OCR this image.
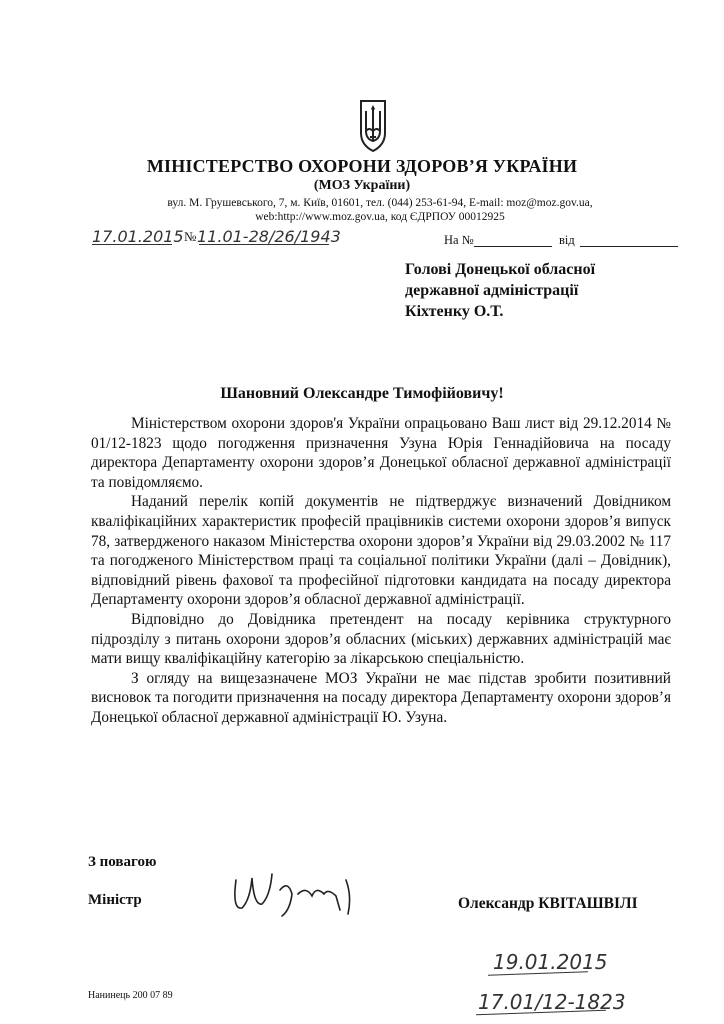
МІНІСТЕРСТВО ОХОРОНИ ЗДОРОВ’Я УКРАЇНИ
(МОЗ України)
вул. М. Грушевського, 7, м. Київ, 01601, тел. (044) 253-61-94, E-mail: moz@moz.gov.ua,
web:http://www.moz.gov.ua, код ЄДРПОУ 00012925
17.01.2015 № 11.01-28/26/1943	На №	від
Голові Донецької обласної
державної адміністрації
Кіхтенку О.Т.
Шановний Олександре Тимофійовичу!

Міністерством охорони здоров'я України опрацьовано Ваш лист від 29.12.2014 № 01/12-1823 щодо погодження призначення Узуна Юрія Геннадійовича на посаду директора Департаменту охорони здоров’я Донецької обласної державної адміністрації та повідомляємо.

Наданий перелік копій документів не підтверджує визначений Довідником кваліфікаційних характеристик професій працівників системи охорони здоров’я випуск 78, затвердженого наказом Міністерства охорони здоров’я України від 29.03.2002 № 117 та погодженого Міністерством праці та соціальної політики України (далі – Довідник), відповідний рівень фахової та професійної підготовки кандидата на посаду директора Департаменту охорони здоров’я обласної державної адміністрації.

Відповідно до Довідника претендент на посаду керівника структурного підрозділу з питань охорони здоров’я обласних (міських) державних адміністрацій має мати вищу кваліфікаційну категорію за лікарською спеціальністю.

З огляду на вищезазначене МОЗ України не має підстав зробити позитивний висновок та погодити призначення на посаду директора Департаменту охорони здоров’я Донецької обласної державної адміністрації Ю. Узуна.

З повагою
Міністр	Олександр КВІТАШВІЛІ
19.01.2015
17.01/12-1823
Нанинець 200 07 89
